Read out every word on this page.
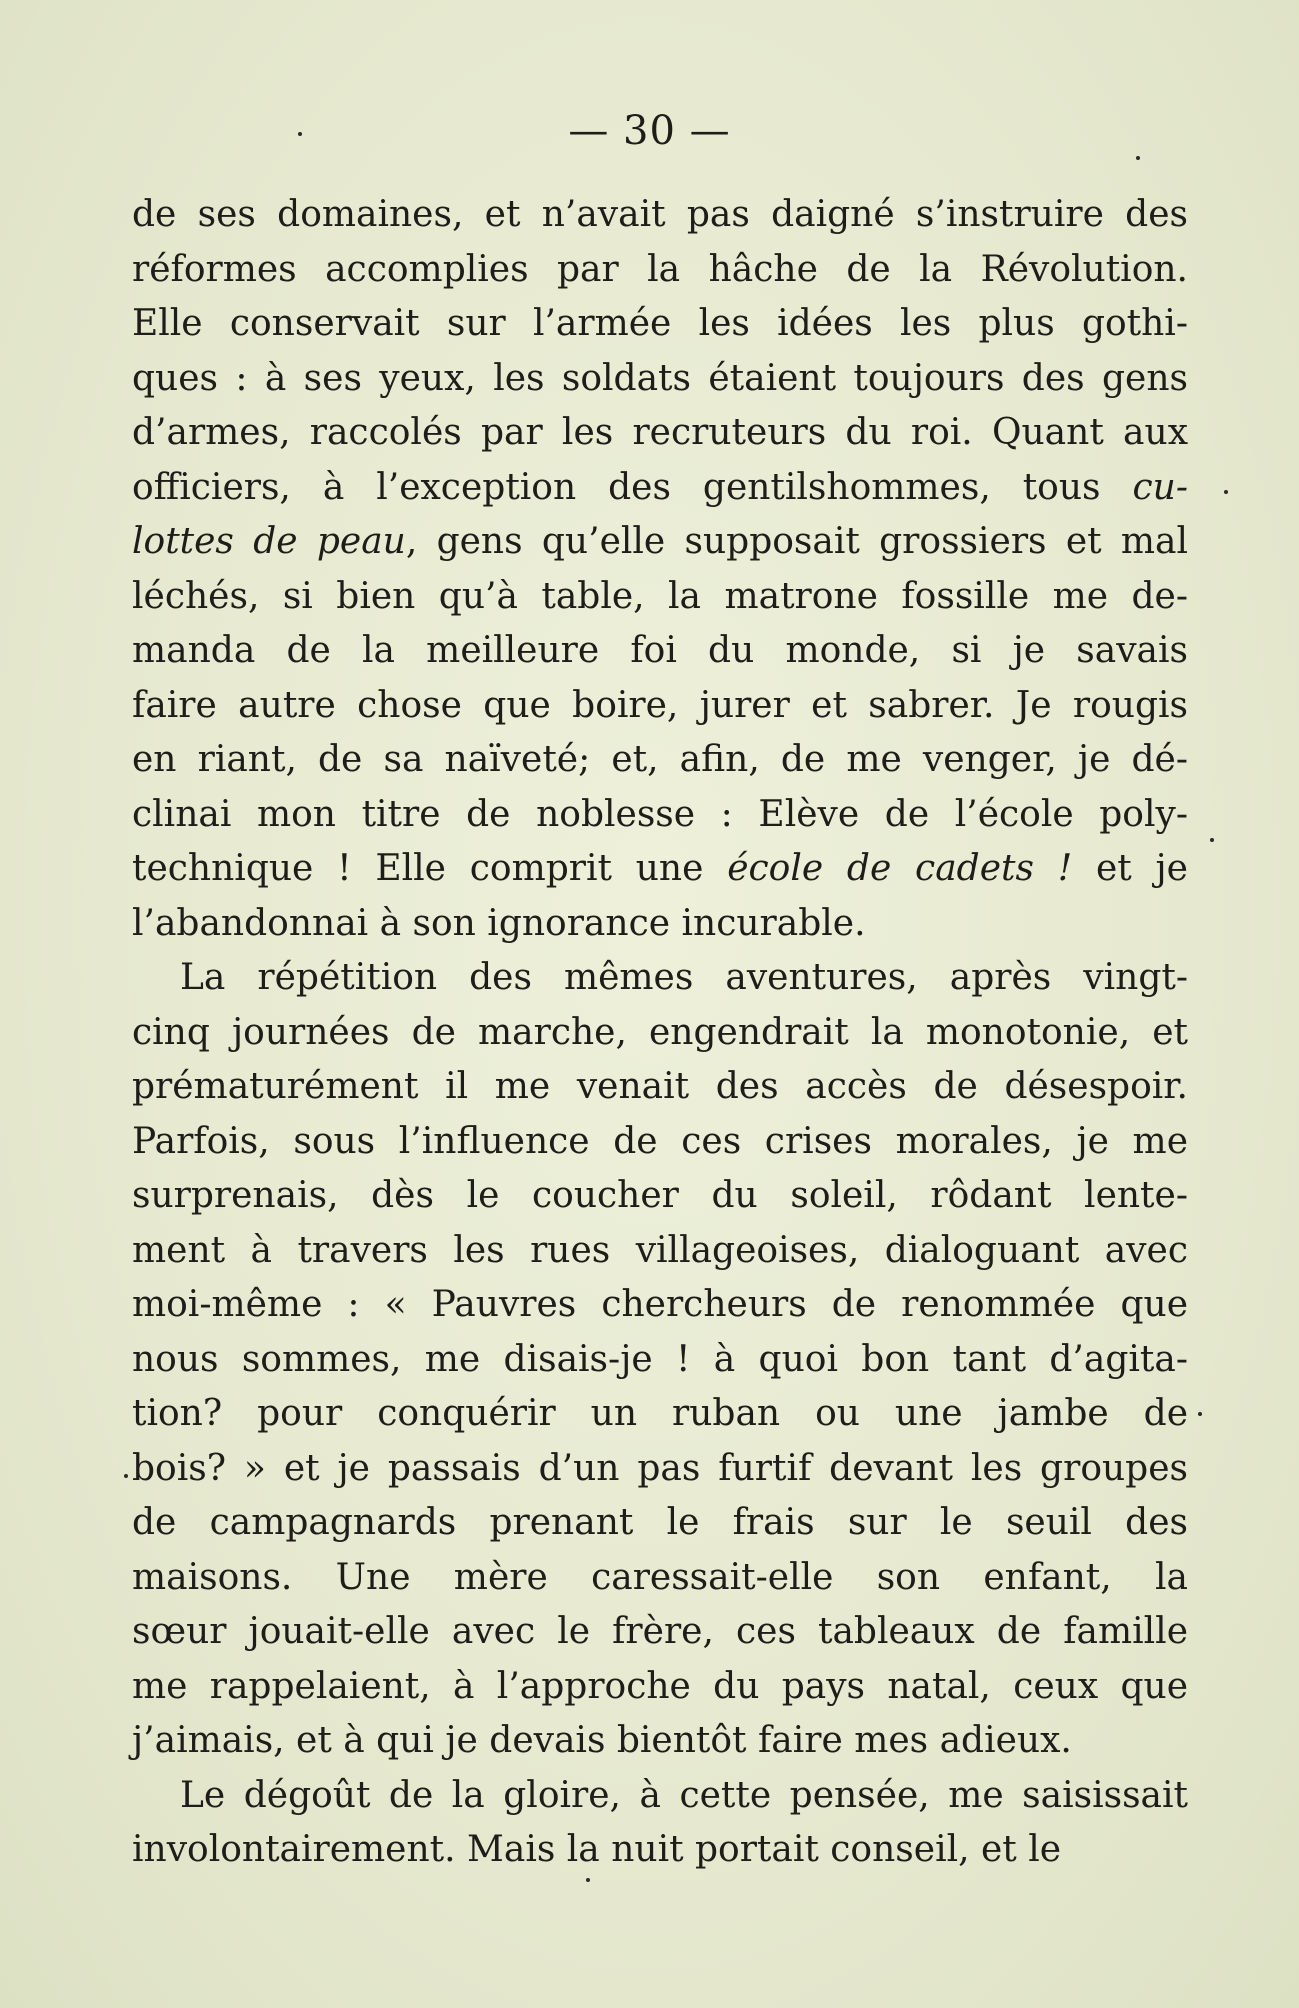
— 30 —
de ses domaines, et n’avait pas daigné s’instruire des
réformes accomplies par la hâche de la Révolution.
Elle conservait sur l’armée les idées les plus gothi-
ques : à ses yeux, les soldats étaient toujours des gens
d’armes, raccolés par les recruteurs du roi. Quant aux
officiers, à l’exception des gentilshommes, tous cu-
lottes de peau, gens qu’elle supposait grossiers et mal
léchés, si bien qu’à table, la matrone fossille me de-
manda de la meilleure foi du monde, si je savais
faire autre chose que boire, jurer et sabrer. Je rougis
en riant, de sa naïveté; et, afin, de me venger, je dé-
clinai mon titre de noblesse : Elève de l’école poly-
technique ! Elle comprit une école de cadets ! et je
l’abandonnai à son ignorance incurable.
La répétition des mêmes aventures, après vingt-
cinq journées de marche, engendrait la monotonie, et
prématurément il me venait des accès de désespoir.
Parfois, sous l’influence de ces crises morales, je me
surprenais, dès le coucher du soleil, rôdant lente-
ment à travers les rues villageoises, dialoguant avec
moi-même : « Pauvres chercheurs de renommée que
nous sommes, me disais-je ! à quoi bon tant d’agita-
tion? pour conquérir un ruban ou une jambe de
bois? » et je passais d’un pas furtif devant les groupes
de campagnards prenant le frais sur le seuil des
maisons. Une mère caressait-elle son enfant, la
sœur jouait-elle avec le frère, ces tableaux de famille
me rappelaient, à l’approche du pays natal, ceux que
j’aimais, et à qui je devais bientôt faire mes adieux.
Le dégoût de la gloire, à cette pensée, me saisissait
involontairement. Mais la nuit portait conseil, et le
